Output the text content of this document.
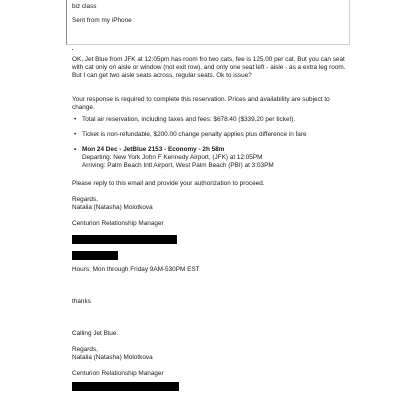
biz class
Sent from my iPhone
OK, Jet Blue from JFK at 12:05pm has room fro two cats, fee is 125.00 per cat. But you can seat with cat only on aisle or window (not exit row), and only one seat left - aisle - as a extra leg room. But I can get two aisle seats across, regular seats. Ok to issue?
Your response is required to complete this reservation. Prices and availability are subject to change.
• Total air reservation, including taxes and fees: $678.40 ($339.20 per ticket).
• Ticket is non-refundable, $200.00 change penalty applies plus difference in fare
• Mon 24 Dec - JetBlue 2153 - Economy - 2h 58m
Departing: New York John F Kennedy Airport, (JFK) at 12:05PM
Arriving: Palm Beach Intl Airport, West Palm Beach (PBI) at 3:03PM
Please reply to this email and provide your authorization to proceed.
Regards,
Natalia (Natasha) Molotkova
Centurion Relationship Manager
Hours: Mon through Friday 9AM-530PM EST
thanks
Calling Jet Blue.
Regards,
Natalia (Natasha) Molotkova
Centurion Relationship Manager
